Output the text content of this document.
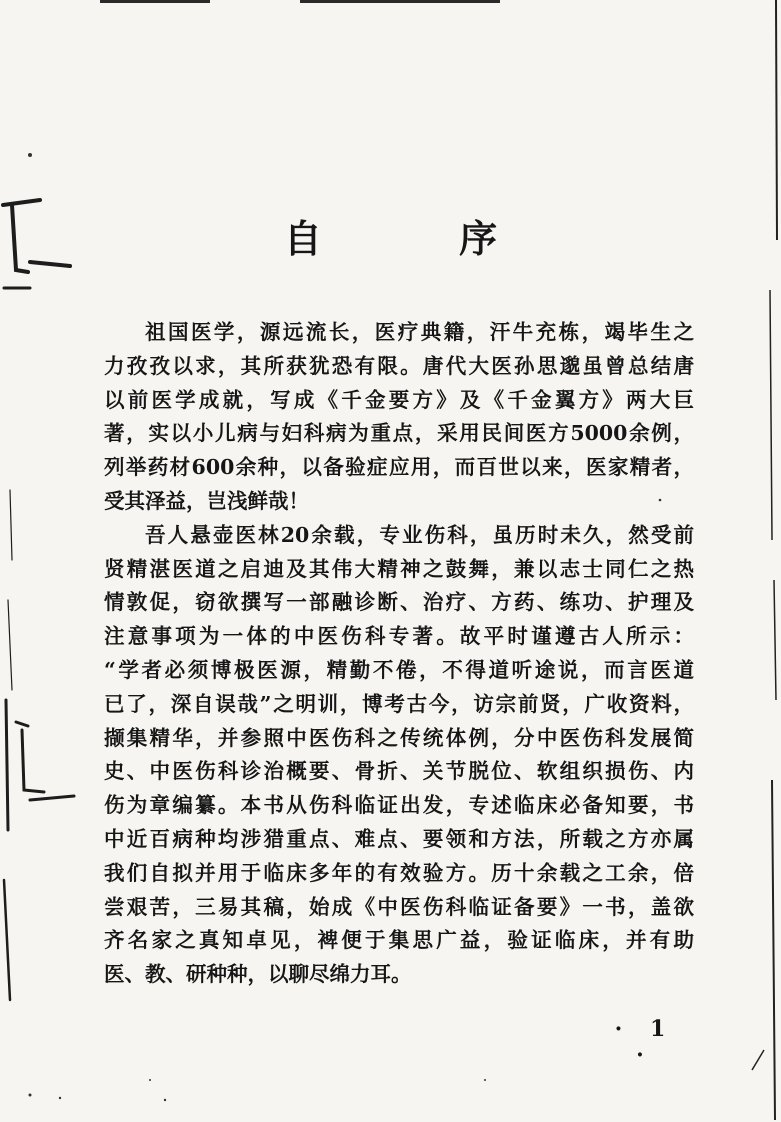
自 序
祖国医学，源远流长，医疗典籍，汗牛充栋，竭毕生之
力孜孜以求，其所获犹恐有限。唐代大医孙思邈虽曾总结唐
以前医学成就，写成《千金要方》及《千金翼方》两大巨
著，实以小儿病与妇科病为重点，采用民间医方5000余例，
列举药材600余种，以备验症应用，而百世以来，医家精者，
受其泽益，岂浅鲜哉！
吾人悬壶医林20余载，专业伤科，虽历时未久，然受前
贤精湛医道之启迪及其伟大精神之鼓舞，兼以志士同仁之热
情敦促，窃欲撰写一部融诊断、治疗、方药、练功、护理及
注意事项为一体的中医伤科专著。故平时谨遵古人所示：
“学者必须博极医源，精勤不倦，不得道听途说，而言医道
已了，深自误哉”之明训，博考古今，访宗前贤，广收资料，
撷集精华，并参照中医伤科之传统体例，分中医伤科发展简
史、中医伤科诊治概要、骨折、关节脱位、软组织损伤、内
伤为章编纂。本书从伤科临证出发，专述临床必备知要，书
中近百病种均涉猎重点、难点、要领和方法，所载之方亦属
我们自拟并用于临床多年的有效验方。历十余载之工余，倍
尝艰苦，三易其稿，始成《中医伤科临证备要》一书，盖欲
齐名家之真知卓见，裨便于集思广益，验证临床，并有助
医、教、研种种，以聊尽绵力耳。
· 1 ·
